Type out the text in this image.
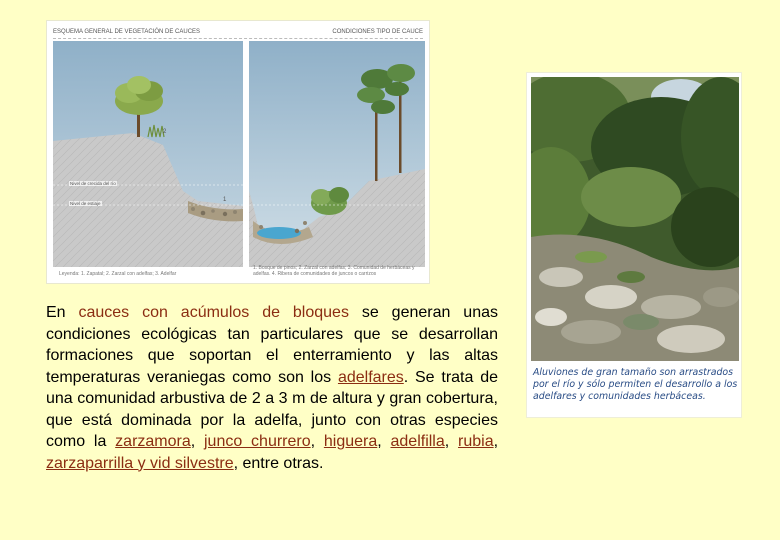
ESQUEMA GENERAL DE VEGETACIÓN DE CAUCES	CONDICIONES TIPO DE CAUCE
1
2
Nivel de crecida del río
Nivel de estiaje
Leyenda: 1. Zapatal; 2. Zarzal con adelfas; 3. Adelfar
1. Bosque de pinos; 2. Zarzal con adelfas; 3. Comunidad de herbáceas y adelfas. 4. Ribera de comunidades de juncos o carrizos

En cauces con acúmulos de bloques se generan unas condiciones ecológicas tan particulares que se desarrollan formaciones que soportan el enterramiento y las altas temperaturas veraniegas como son los adelfares. Se trata de una comunidad arbustiva de 2 a 3 m de altura y gran cobertura, que está dominada por la adelfa, junto con otras especies como la zarzamora, junco churrero, higuera, adelfilla, rubia, zarzaparrilla y vid silvestre, entre otras.

Aluviones de gran tamaño son arrastrados por el río y sólo permiten el desarrollo a los adelfares y comunidades herbáceas.
